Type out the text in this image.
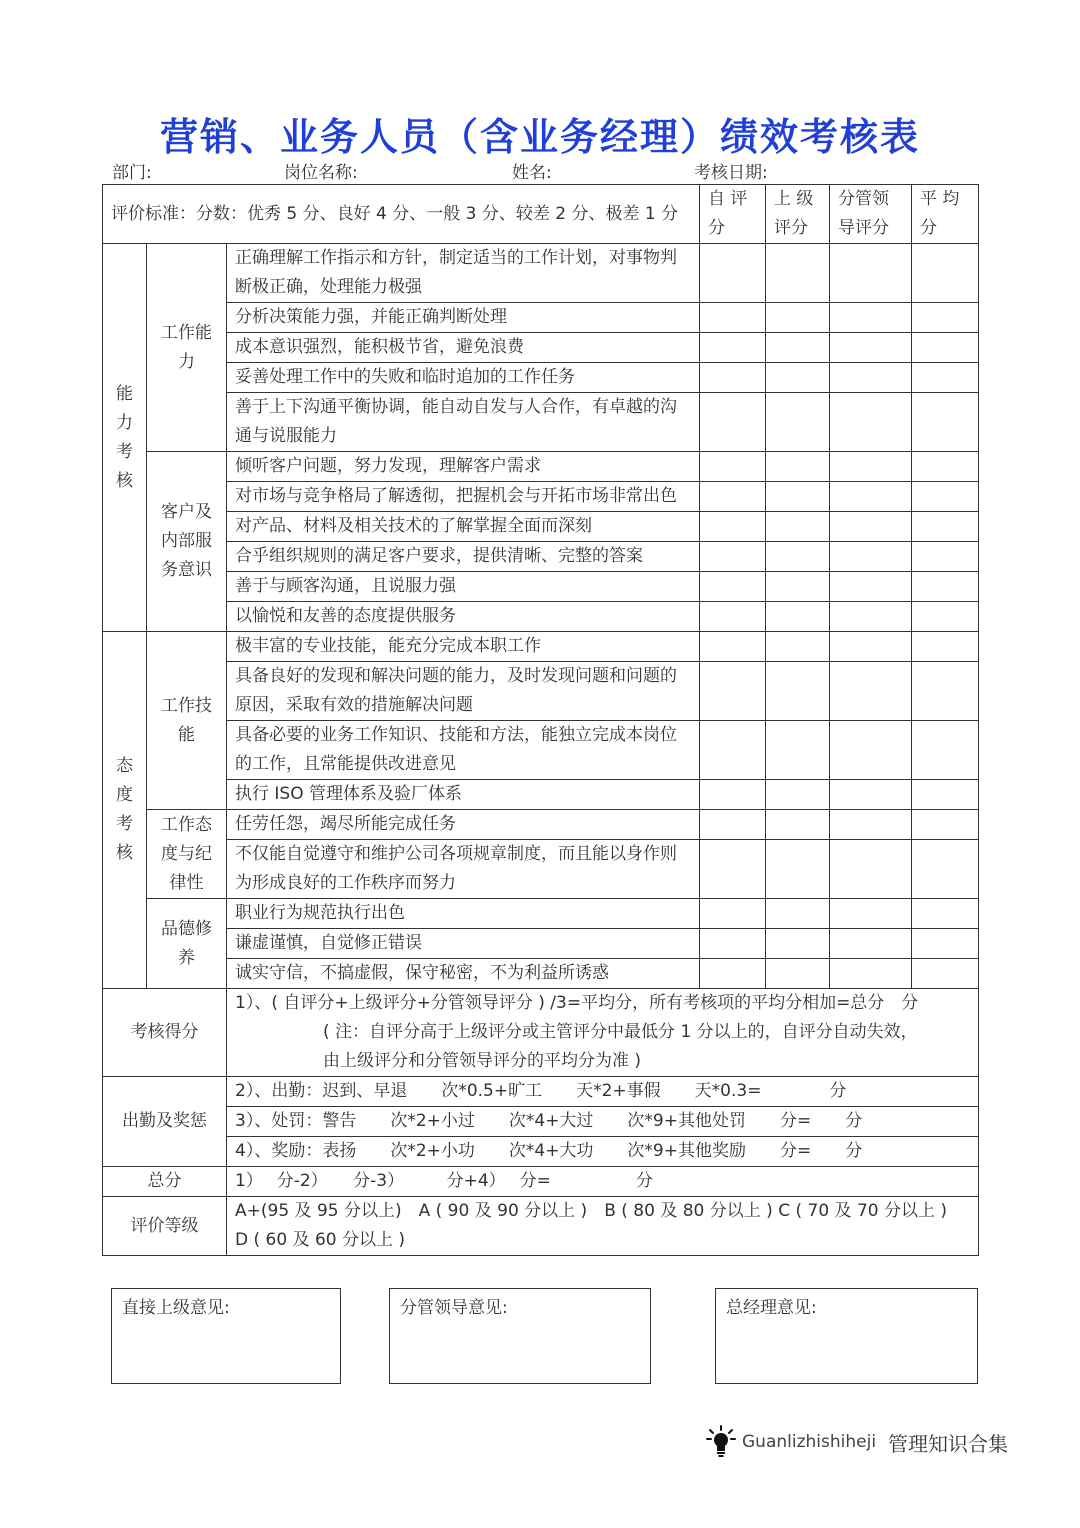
营销、业务人员（含业务经理）绩效考核表
部门:	岗位名称:	姓名:	考核日期:
评价标准：分数：优秀 5 分、良好 4 分、一般 3 分、较差 2 分、极差 1 分			自 评 分	上 级 评分	分管领导评分	平 均 分
能力考核	工作能力	正确理解工作指示和方针，制定适当的工作计划，对事物判断极正确，处理能力极强				
		分析决策能力强，并能正确判断处理				
		成本意识强烈，能积极节省，避免浪费				
		妥善处理工作中的失败和临时追加的工作任务				
		善于上下沟通平衡协调，能自动自发与人合作，有卓越的沟通与说服能力				
	客户及内部服务意识	倾听客户问题，努力发现，理解客户需求				
		对市场与竞争格局了解透彻，把握机会与开拓市场非常出色				
		对产品、材料及相关技术的了解掌握全面而深刻				
		合乎组织规则的满足客户要求，提供清晰、完整的答案				
		善于与顾客沟通，且说服力强				
		以愉悦和友善的态度提供服务				
态度考核	工作技能	极丰富的专业技能，能充分完成本职工作				
		具备良好的发现和解决问题的能力，及时发现问题和问题的原因，采取有效的措施解决问题				
		具备必要的业务工作知识、技能和方法，能独立完成本岗位的工作，且常能提供改进意见				
		执行 ISO 管理体系及验厂体系				
	工作态度与纪律性	任劳任怨，竭尽所能完成任务				
		不仅能自觉遵守和维护公司各项规章制度，而且能以身作则为形成良好的工作秩序而努力				
	品德修养	职业行为规范执行出色				
		谦虚谨慎，自觉修正错误				
		诚实守信，不搞虚假，保守秘密，不为利益所诱惑				
考核得分		1）、( 自评分+上级评分+分管领导评分 ) /3=平均分，所有考核项的平均分相加=总分　分
( 注：自评分高于上级评分或主管评分中最低分 1 分以上的，自评分自动失效，
由上级评分和分管领导评分的平均分为准 )				

出勤及奖惩		2）、出勤：迟到、早退　　次*0.5+旷工　　天*2+事假　　天*0.3=　　　　分				
		3）、处罚：警告　　次*2+小过　　次*4+大过　　次*9+其他处罚　　分=　　分				
		4）、奖励：表扬　　次*2+小功　　次*4+大功　　次*9+其他奖励　　分=　　分				
总分		1）　 分-2）　　分-3）　　　分+4）　 分=　　　　　分				
评价等级		A+(95 及 95 分以上)　A ( 90 及 90 分以上 )　B ( 80 及 80 分以上 ) C ( 70 及 70 分以上 )
D ( 60 及 60 分以上 )				
直接上级意见:	分管领导意见:	总经理意见:
Guanlizhishiheji 管理知识合集
